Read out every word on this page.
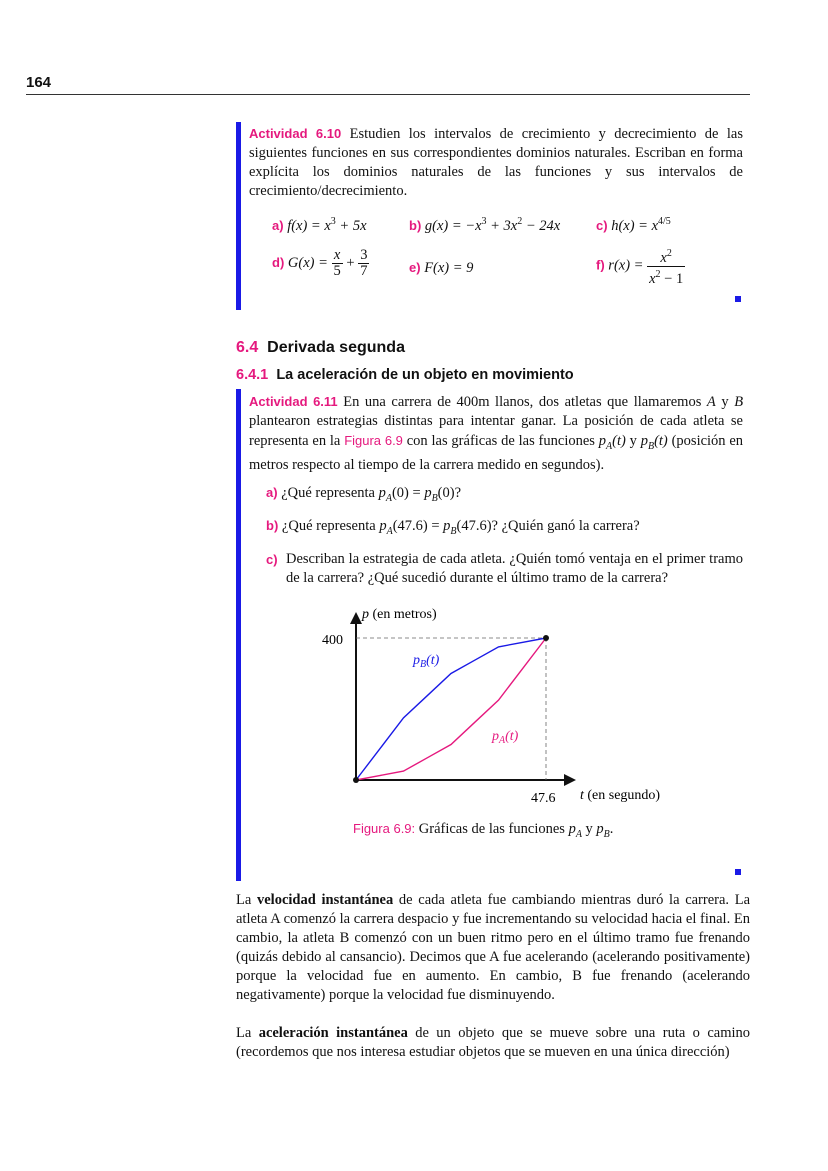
164
Actividad 6.10 Estudien los intervalos de crecimiento y decrecimiento de las siguientes funciones en sus correspondientes dominios naturales. Escriban en forma explícita los dominios naturales de las funciones y sus intervalos de crecimiento/decrecimiento.
a) $f(x) = x^3 + 5x$	b) $g(x) = -x^3 + 3x^2 - 24x$	c) $h(x) = x^{4/5}$
d) $G(x) = \frac{x}{5} + \frac{3}{7}$	e) F(x) = 9	f) $r(x) = \frac{x^2}{x^2 - 1}$
6.4 Derivada segunda
6.4.1 La aceleración de un objeto en movimiento
Actividad 6.11 En una carrera de 400m llanos, dos atletas que llamaremos A y B plantearon estrategias distintas para intentar ganar. La posición de cada atleta se representa en la Figura 6.9 con las gráficas de las funciones $p_A(t)$ y $p_B(t)$ (posición en metros respecto al tiempo de la carrera medido en segundos).
a) ¿Qué representa $p_A(0) = p_B(0)$?
b) ¿Qué representa $p_A(47.6) = p_B(47.6)$? ¿Quién ganó la carrera?
c) Describan la estrategia de cada atleta. ¿Quién tomó ventaja en el primer tramo de la carrera? ¿Qué sucedió durante el último tramo de la carrera?
p (en metros)
400
47.6 t (en segundo)
$p_B(t)$
$p_A(t)$
Figura 6.9: Gráficas de las funciones $p_A$ y $p_B$.
La velocidad instantánea de cada atleta fue cambiando mientras duró la carrera. La atleta A comenzó la carrera despacio y fue incrementando su velocidad hacia el final. En cambio, la atleta B comenzó con un buen ritmo pero en el último tramo fue frenando (quizás debido al cansancio). Decimos que A fue acelerando (acelerando positivamente) porque la velocidad fue en aumento. En cambio, B fue frenando (acelerando negativamente) porque la velocidad fue disminuyendo.
La aceleración instantánea de un objeto que se mueve sobre una ruta o camino (recordemos que nos interesa estudiar objetos que se mueven en una única dirección)
